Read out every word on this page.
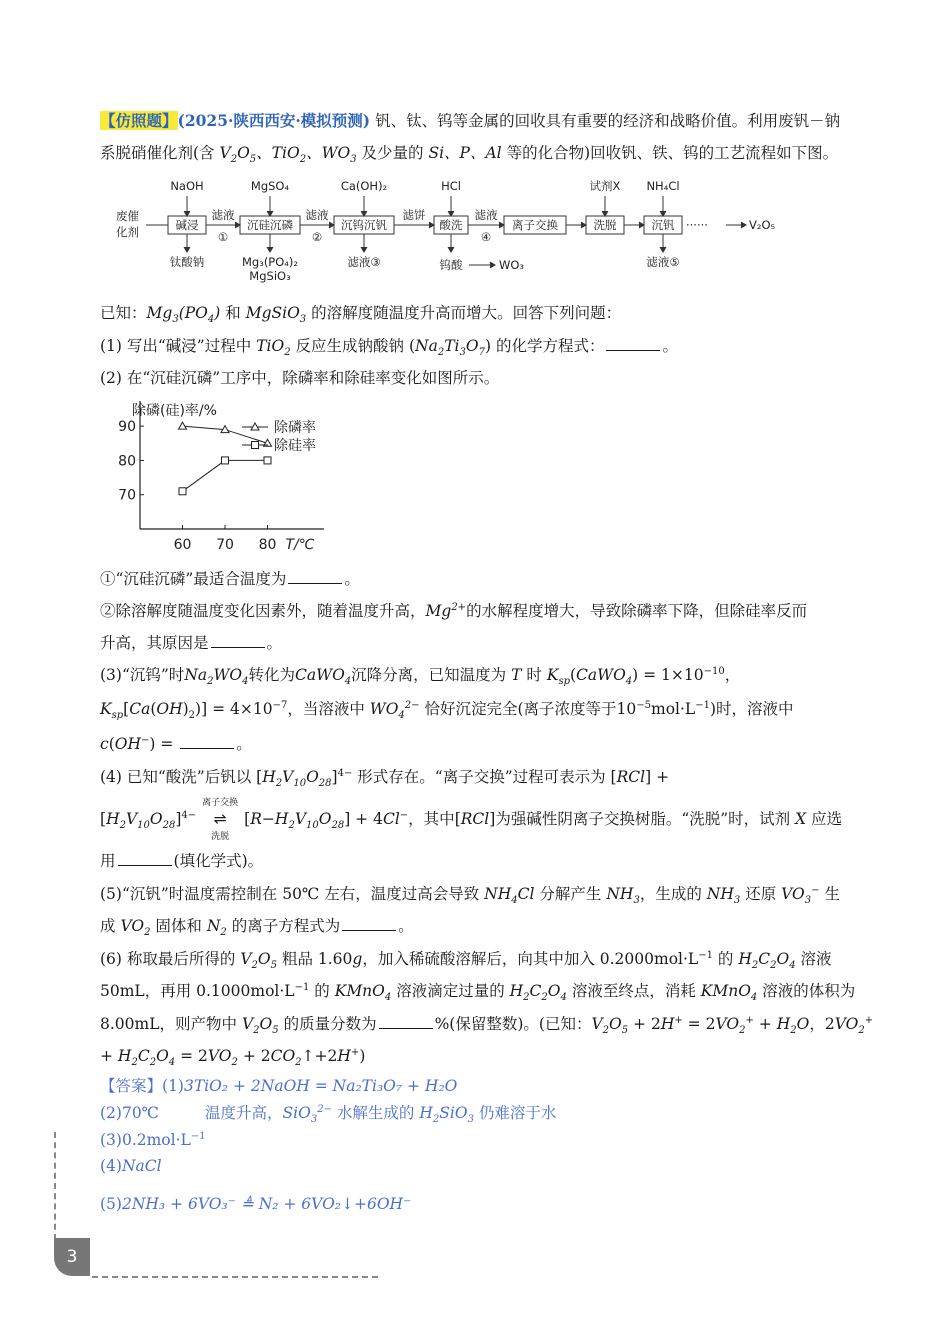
【仿照题】(2025·陕西西安·模拟预测) 钒、钛、钨等金属的回收具有重要的经济和战略价值。利用废钒－钠
系脱硝催化剂(含 $V_2O_5$、TiO$_2$、$WO_3$ 及少量的 Si、P、Al 等的化合物)回收钒、铁、钨的工艺流程如下图。
废催
化剂	碱浸	沉硅沉磷	沉钨沉钒	酸洗	离子交换	洗脱	沉钒
滤液
①
滤液
②
滤饼	滤液
④
NaOH	MgSO₄	Ca(OH)₂	HCl	试剂X NH₄Cl
钛酸钠	Mg₃(PO₄)₂
MgSiO₃
滤液③	滤液⑤
钨酸	WO₃
······	V₂O₅
已知：$Mg_3(PO_4)$ 和 MgSiO$_3$ 的溶解度随温度升高而增大。回答下列问题：
(1) 写出“碱浸”过程中 TiO$_2$ 反应生成钠酸钠 $(Na_2Ti_3O_7)$ 的化学方程式：	。
(2) 在“沉硅沉磷”工序中，除磷率和除硅率变化如图所示。
除磷(硅)率/%
T/℃
60 70 80
70
80
90	除磷率
除硅率
①“沉硅沉磷”最适合温度为	。
②除溶解度随温度变化因素外，随着温度升高，$Mg^{2+}$的水解程度增大，导致除磷率下降，但除硅率反而
升高，其原因是	。
(3)“沉钨”时$Na_2WO_4$转化为CaWO$_4$沉降分离，已知温度为 T 时 $K_{sp}(CaWO_4) = 1\times 10^{-10}$，
$K_{sp}[Ca(OH)_2)] = 4\times 10^{-7}$，当溶液中 $WO_4^{2-}$ 恰好沉淀完全(离子浓度等于$10^{-5}mol\cdot L^{-1}$)时，溶液中
c(OH−) =	。
(4) 已知“酸洗”后钒以 $[H_2V_{10}O_{28}]^{4-}$ 形式存在。“离子交换”过程可表示为 [RCl] +
$[H_2V_{10}O_{28}]^{4-}$
离子交换
⇌
洗脱
$[R-H_2V_{10}O_{28}] + 4Cl^-$，其中[RCl]为强碱性阴离子交换树脂。“洗脱”时，试剂 X 应选
用	(填化学式)。
(5)“沉钒”时温度需控制在 50℃ 左右，温度过高会导致 $NH_4Cl$ 分解产生 $NH_3$，生成的 $NH_3$ 还原 $VO_3^-$ 生
成 $VO_2$ 固体和 $N_2$ 的离子方程式为	。
(6) 称取最后所得的 $V_2O_5$ 粗品 1.60g，加入稀硫酸溶解后，向其中加入 $0.2000mol\cdot L^{-1}$ 的 $H_2C_2O_4$ 溶液
50mL，再用 $0.1000mol\cdot L^{-1}$ 的 KMnO$_4$ 溶液滴定过量的 $H_2C_2O_4$ 溶液至终点，消耗 KMnO$_4$ 溶液的体积为
8.00mL，则产物中 $V_2O_5$ 的质量分数为	%(保留整数)。(已知：$V_2O_5 + 2H^+ = 2VO_2^+ + H_2O$，$2VO_2^+$
+ $H_2C_2O_4 = 2VO_2$ + $2CO_2↑+2H^+$)
【答案】(1)3TiO₂ + 2NaOH = Na₂Ti₃O₇ + H₂O
(2)70℃	温度升高，SiO$_3^{2-}$ 水解生成的 $H_2SiO_3$ 仍难溶于水
$(3)0.2mol\cdot L^{-1}$
(4)NaCl
(5)2NH₃ + 6VO₃⁻ ≜ N₂ + 6VO₂↓+6OH⁻
3
